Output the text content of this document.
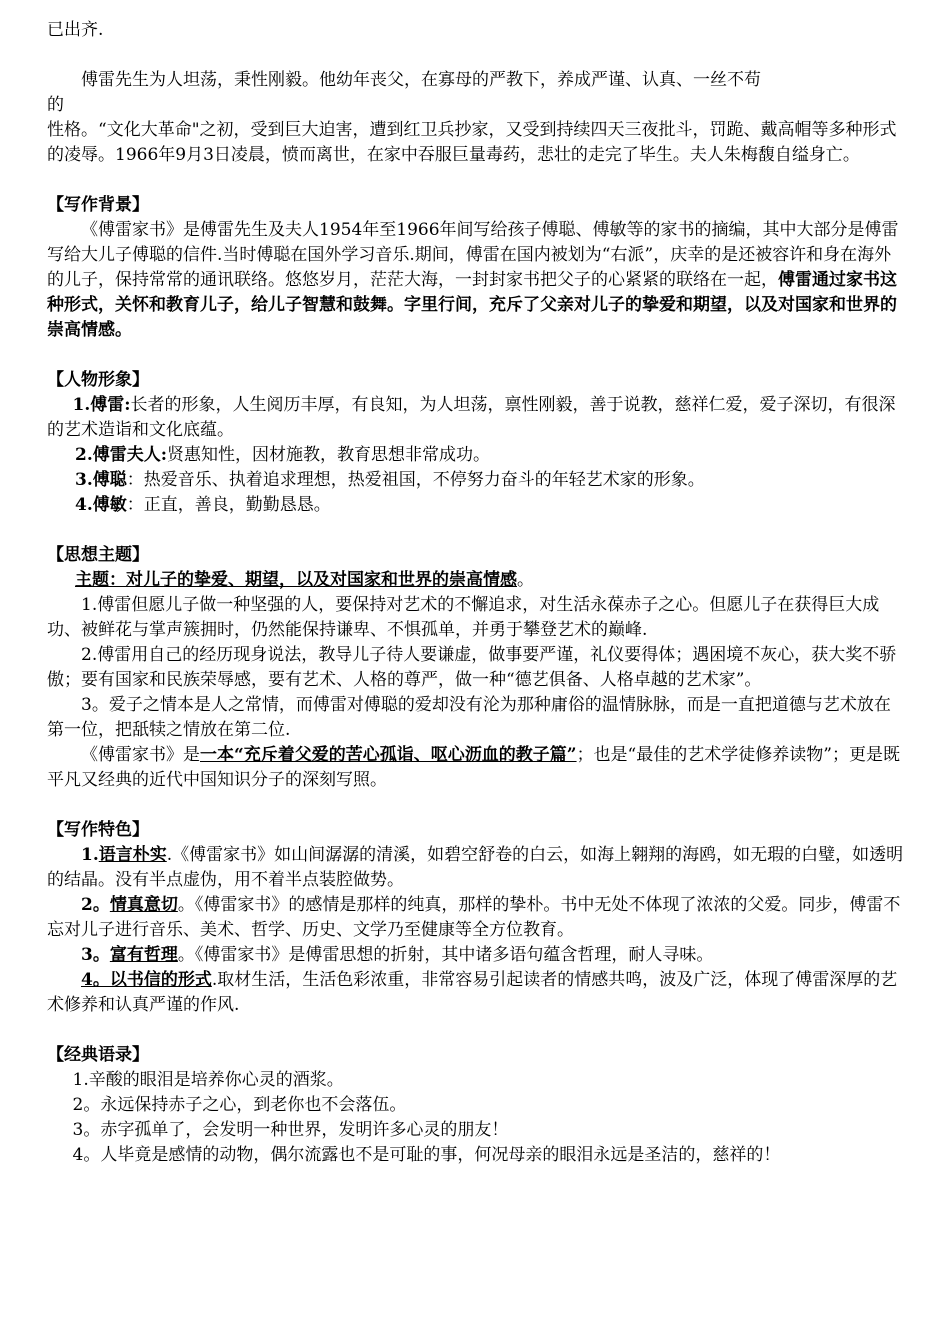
已出齐.

傅雷先生为人坦荡，秉性刚毅。他幼年丧父，在寡母的严教下，养成严谨、认真、一丝不苟

的

性格。“文化大革命"之初，受到巨大迫害，遭到红卫兵抄家，又受到持续四天三夜批斗，罚跪、戴高帽等多种形式的凌辱。1966年9月3日凌晨，愤而离世，在家中吞服巨量毒药，悲壮的走完了毕生。夫人朱梅馥自缢身亡。

【写作背景】

《傅雷家书》是傅雷先生及夫人1954年至1966年间写给孩子傅聪、傅敏等的家书的摘编，其中大部分是傅雷写给大儿子傅聪的信件.当时傅聪在国外学习音乐.期间，傅雷在国内被划为“右派”，庆幸的是还被容许和身在海外的儿子，保持常常的通讯联络。悠悠岁月，茫茫大海，一封封家书把父子的心紧紧的联络在一起，傅雷通过家书这种形式，关怀和教育儿子，给儿子智慧和鼓舞。字里行间，充斥了父亲对儿子的挚爱和期望，以及对国家和世界的崇高情感。

【人物形象】

1.傅雷:长者的形象，人生阅历丰厚，有良知，为人坦荡，禀性刚毅，善于说教，慈祥仁爱，爱子深切，有很深的艺术造诣和文化底蕴。

2.傅雷夫人:贤惠知性，因材施教，教育思想非常成功。

3.傅聪：热爱音乐、执着追求理想，热爱祖国，不停努力奋斗的年轻艺术家的形象。

4.傅敏：正直，善良，勤勤恳恳。

【思想主题】

主题：对儿子的挚爱、期望，以及对国家和世界的崇高情感。

1.傅雷但愿儿子做一种坚强的人，要保持对艺术的不懈追求，对生活永葆赤子之心。但愿儿子在获得巨大成功、被鲜花与掌声簇拥时，仍然能保持谦卑、不惧孤单，并勇于攀登艺术的巅峰.

2.傅雷用自己的经历现身说法，教导儿子待人要谦虚，做事要严谨，礼仪要得体；遇困境不灰心，获大奖不骄傲；要有国家和民族荣辱感，要有艺术、人格的尊严，做一种“德艺俱备、人格卓越的艺术家”。

3。爱子之情本是人之常情，而傅雷对傅聪的爱却没有沦为那种庸俗的温情脉脉，而是一直把道德与艺术放在第一位，把舐犊之情放在第二位.

《傅雷家书》是一本“充斥着父爱的苦心孤诣、呕心沥血的教子篇”；也是“最佳的艺术学徒修养读物”；更是既平凡又经典的近代中国知识分子的深刻写照。

【写作特色】

1.语言朴实.《傅雷家书》如山间潺潺的清溪，如碧空舒卷的白云，如海上翱翔的海鸥，如无瑕的白璧，如透明的结晶。没有半点虚伪，用不着半点装腔做势。

2。情真意切。《傅雷家书》的感情是那样的纯真，那样的挚朴。书中无处不体现了浓浓的父爱。同步，傅雷不忘对儿子进行音乐、美术、哲学、历史、文学乃至健康等全方位教育。

3。富有哲理。《傅雷家书》是傅雷思想的折射，其中诸多语句蕴含哲理，耐人寻味。

4。以书信的形式.取材生活，生活色彩浓重，非常容易引起读者的情感共鸣，波及广泛，体现了傅雷深厚的艺术修养和认真严谨的作风.

【经典语录】

1.辛酸的眼泪是培养你心灵的酒浆。

2。永远保持赤子之心，到老你也不会落伍。

3。赤字孤单了，会发明一种世界，发明许多心灵的朋友！

4。人毕竟是感情的动物，偶尔流露也不是可耻的事，何况母亲的眼泪永远是圣洁的，慈祥的！
